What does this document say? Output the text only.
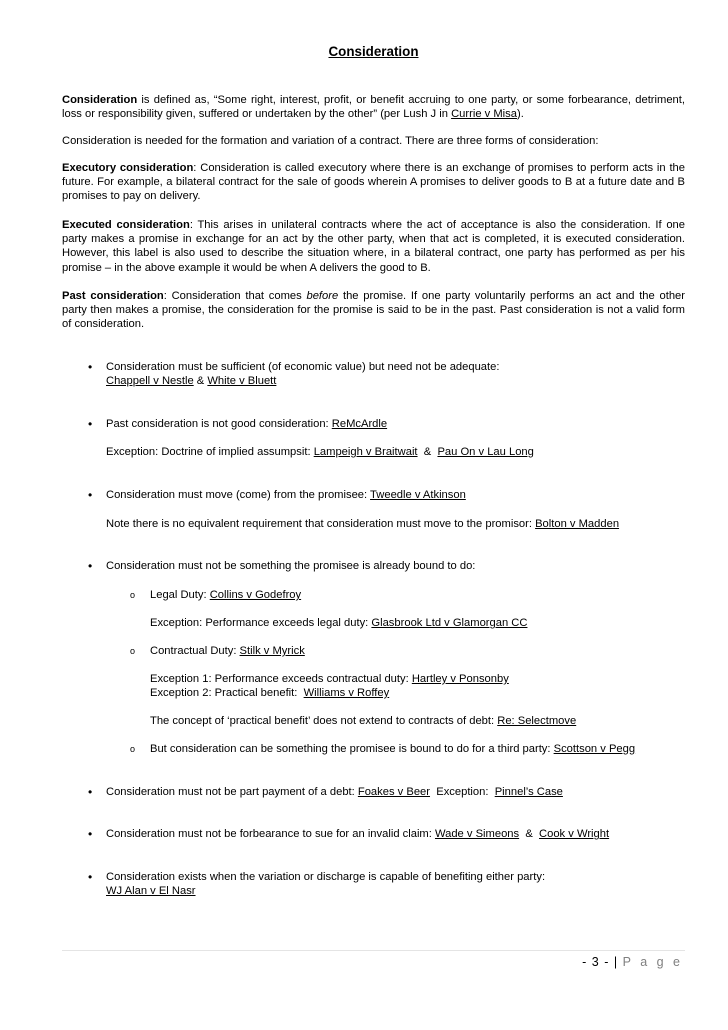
Consideration

Consideration is defined as, “Some right, interest, profit, or benefit accruing to one party, or some forbearance, detriment, loss or responsibility given, suffered or undertaken by the other” (per Lush J in Currie v Misa).

Consideration is needed for the formation and variation of a contract. There are three forms of consideration:

Executory consideration: Consideration is called executory where there is an exchange of promises to perform acts in the future. For example, a bilateral contract for the sale of goods wherein A promises to deliver goods to B at a future date and B promises to pay on delivery.

Executed consideration: This arises in unilateral contracts where the act of acceptance is also the consideration. If one party makes a promise in exchange for an act by the other party, when that act is completed, it is executed consideration. However, this label is also used to describe the situation where, in a bilateral contract, one party has performed as per his promise – in the above example it would be when A delivers the good to B.

Past consideration: Consideration that comes before the promise. If one party voluntarily performs an act and the other party then makes a promise, the consideration for the promise is said to be in the past. Past consideration is not a valid form of consideration.

• Consideration must be sufficient (of economic value) but need not be adequate:
Chappell v Nestle & White v Bluett
• Past consideration is not good consideration: ReMcArdle
Exception: Doctrine of implied assumpsit: Lampeigh v Braitwait  &  Pau On v Lau Long
• Consideration must move (come) from the promisee: Tweedle v Atkinson
Note there is no equivalent requirement that consideration must move to the promisor: Bolton v Madden
• Consideration must not be something the promisee is already bound to do:
o Legal Duty: Collins v Godefroy
Exception: Performance exceeds legal duty: Glasbrook Ltd v Glamorgan CC
o Contractual Duty: Stilk v Myrick
Exception 1: Performance exceeds contractual duty: Hartley v Ponsonby
Exception 2: Practical benefit:  Williams v Roffey
The concept of ‘practical benefit’ does not extend to contracts of debt: Re: Selectmove
o But consideration can be something the promisee is bound to do for a third party: Scottson v Pegg
• Consideration must not be part payment of a debt: Foakes v Beer  Exception:  Pinnel’s Case
• Consideration must not be forbearance to sue for an invalid claim: Wade v Simeons  &  Cook v Wright
• Consideration exists when the variation or discharge is capable of benefiting either party:
WJ Alan v El Nasr
- 3 - | P a g e
